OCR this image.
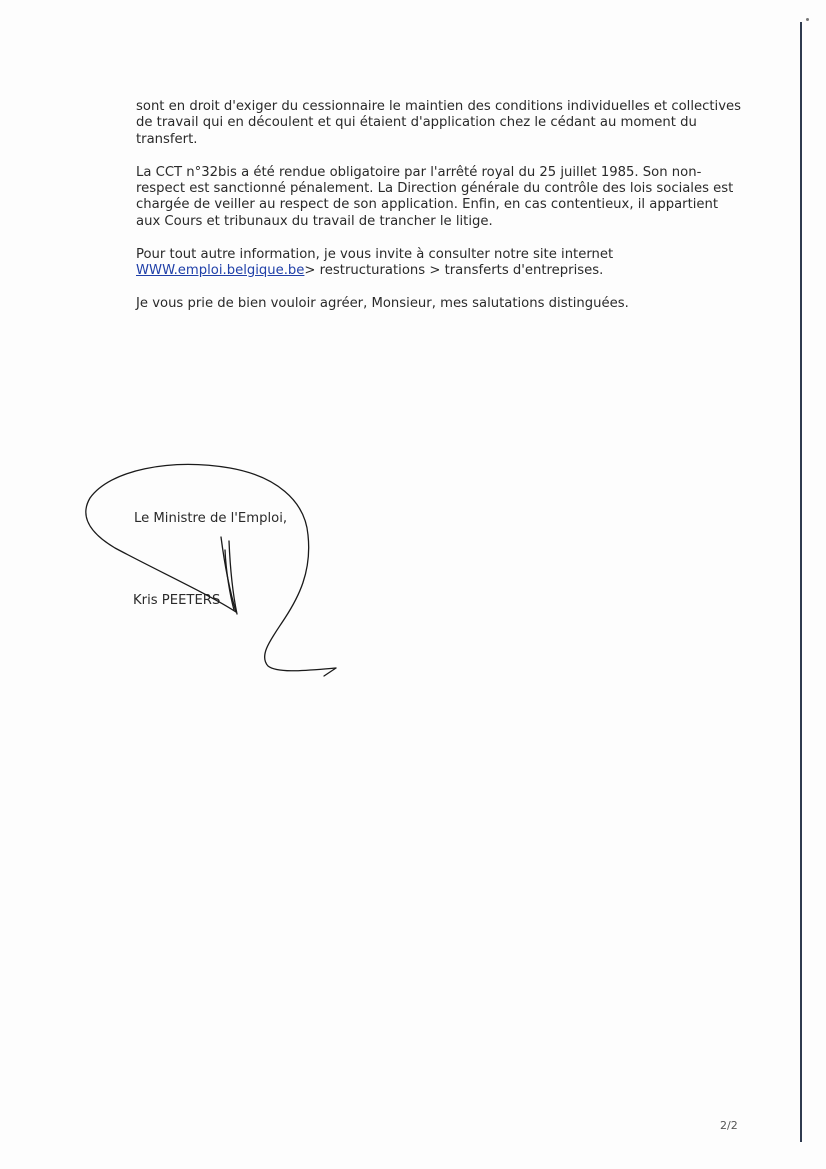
sont en droit d'exiger du cessionnaire le maintien des conditions individuelles et collectives
de travail qui en découlent et qui étaient d'application chez le cédant au moment du
transfert.

La CCT n°32bis a été rendue obligatoire par l'arrêté royal du 25 juillet 1985. Son non-
respect est sanctionné pénalement. La Direction générale du contrôle des lois sociales est
chargée de veiller au respect de son application. Enfin, en cas contentieux, il appartient
aux Cours et tribunaux du travail de trancher le litige.

Pour tout autre information, je vous invite à consulter notre site internet
WWW.emploi.belgique.be> restructurations > transferts d'entreprises.

Je vous prie de bien vouloir agréer, Monsieur, mes salutations distinguées.

Le Ministre de l'Emploi,
Kris PEETERS
2/2
